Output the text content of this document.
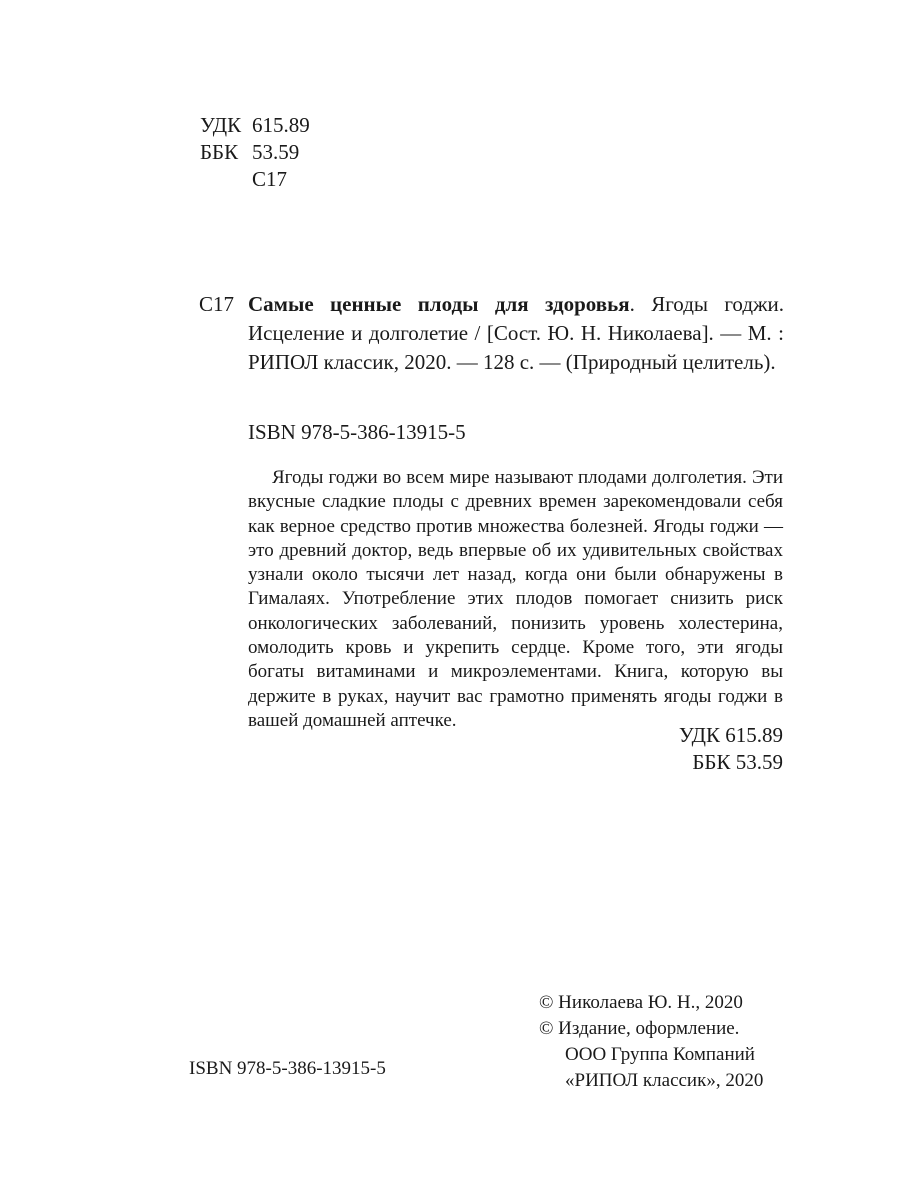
УДК 615.89
ББК 53.59
С17
С17 Самые ценные плоды для здоровья. Ягоды годжи. Исцеление и долголетие / [Сост. Ю. Н. Николаева]. — М. : РИПОЛ классик, 2020. — 128 с. — (Природный целитель).
ISBN 978-5-386-13915-5

Ягоды годжи во всем мире называют плодами долголетия. Эти вкусные сладкие плоды с древних времен зарекомендовали себя как верное средство против множества болезней. Ягоды годжи — это древний доктор, ведь впервые об их удивительных свойствах узнали около тысячи лет назад, когда они были обнаружены в Гималаях. Употребление этих плодов помогает снизить риск онкологических заболеваний, понизить уровень холестерина, омолодить кровь и укрепить сердце. Кроме того, эти ягоды богаты витаминами и микроэлементами. Книга, которую вы держите в руках, научит вас грамотно применять ягоды годжи в вашей домашней аптечке.

УДК 615.89
ББК 53.59
© Николаева Ю. Н., 2020
© Издание, оформление.
ООО Группа Компаний
«РИПОЛ классик», 2020
ISBN 978-5-386-13915-5
